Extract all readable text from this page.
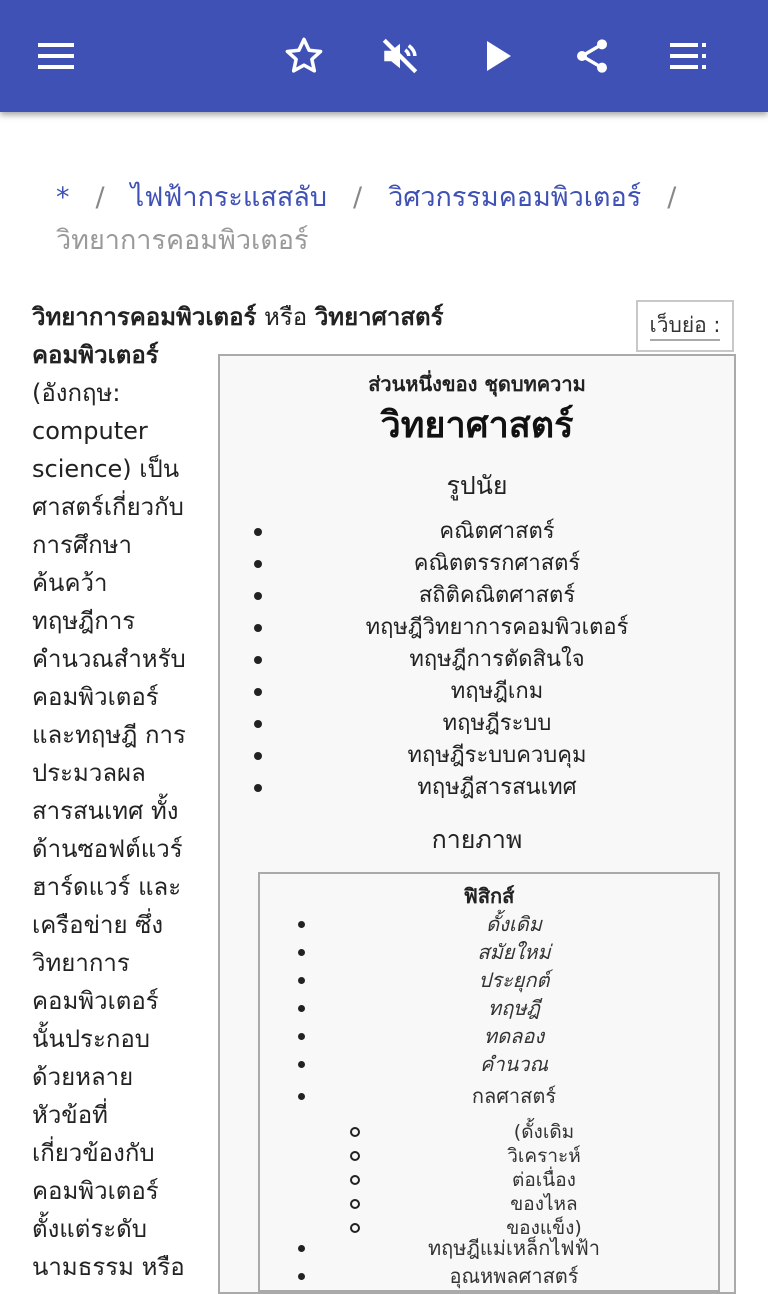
* / ไฟฟ้ากระแสสลับ / วิศวกรรมคอมพิวเตอร์ /
วิทยาการคอมพิวเตอร์
วิทยาการคอมพิวเตอร์ หรือ วิทยาศาสตร์
คอมพิวเตอร์
(อังกฤษ:
computer
science) เป็น
ศาสตร์เกี่ยวกับ
การศึกษา
ค้นคว้า
ทฤษฎีการ
คำนวณสำหรับ
คอมพิวเตอร์
และทฤษฎี การ
ประมวลผล
สารสนเทศ ทั้ง
ด้านซอฟต์แวร์
ฮาร์ดแวร์ และ
เครือข่าย ซึ่ง
วิทยาการ
คอมพิวเตอร์
นั้นประกอบ
ด้วยหลาย
หัวข้อที่
เกี่ยวข้องกับ
คอมพิวเตอร์
ตั้งแต่ระดับ
นามธรรม หรือ
เว็บย่อ :
ส่วนหนึ่งของ ชุดบทความ
วิทยาศาสตร์
รูปนัย
คณิตศาสตร์
คณิตตรรกศาสตร์
สถิติคณิตศาสตร์
ทฤษฎีวิทยาการคอมพิวเตอร์
ทฤษฎีการตัดสินใจ
ทฤษฎีเกม
ทฤษฎีระบบ
ทฤษฎีระบบควบคุม
ทฤษฎีสารสนเทศ
กายภาพ
ฟิสิกส์
ดั้งเดิม
สมัยใหม่
ประยุกต์
ทฤษฎี
ทดลอง
คำนวณ
กลศาสตร์
(ดั้งเดิม
วิเคราะห์
ต่อเนื่อง
ของไหล
ของแข็ง)
ทฤษฎีแม่เหล็กไฟฟ้า
อุณหพลศาสตร์
